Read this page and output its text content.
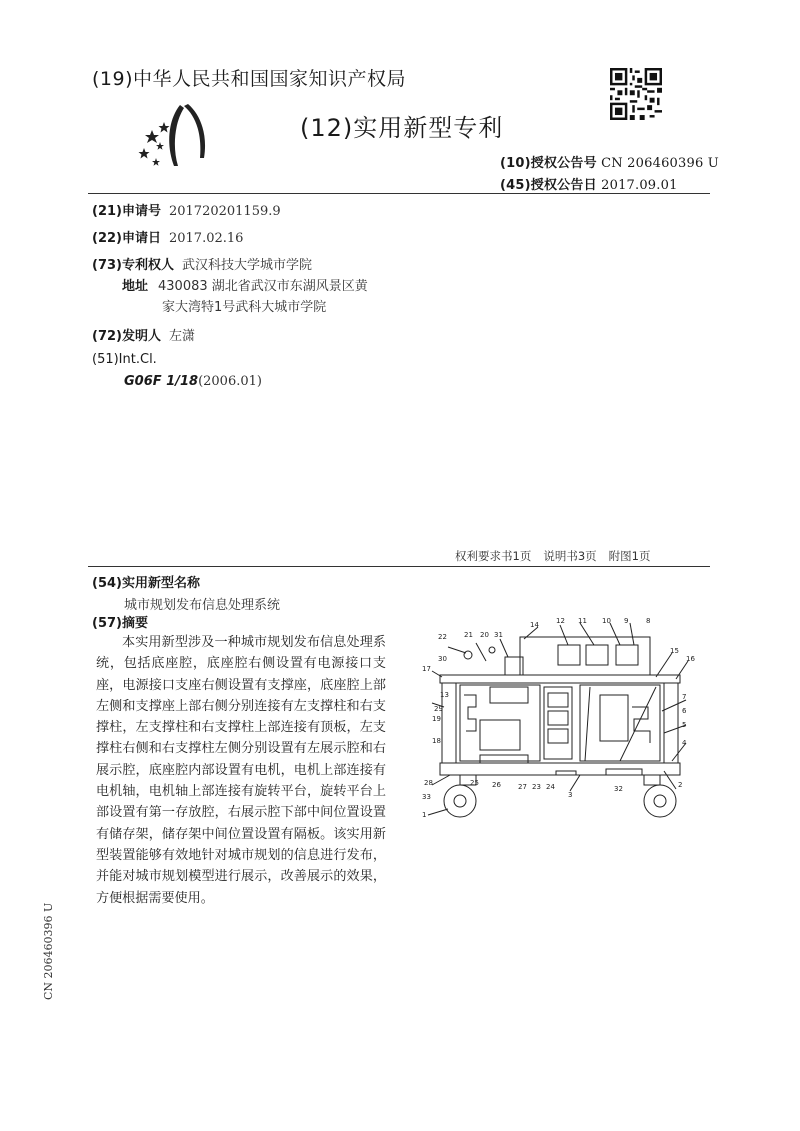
(19)中华人民共和国国家知识产权局
(12)实用新型专利
(10)授权公告号 CN 206460396 U
(45)授权公告日 2017.09.01
(21)申请号 201720201159.9
(22)申请日 2017.02.16
(73)专利权人 武汉科技大学城市学院
地址 430083 湖北省武汉市东湖风景区黄
家大湾特1号武科大城市学院
(72)发明人 左潇
(51)Int.Cl.
G06F 1/18(2006.01)
权利要求书1页 说明书3页 附图1页
(54)实用新型名称
城市规划发布信息处理系统
(57)摘要
本实用新型涉及一种城市规划发布信息处理系统，包括底座腔，底座腔右侧设置有电源接口支座，电源接口支座右侧设置有支撑座，底座腔上部左侧和支撑座上部右侧分别连接有左支撑柱和右支撑柱，左支撑柱和右支撑柱上部连接有顶板，左支撑柱右侧和右支撑柱左侧分别设置有左展示腔和右展示腔，底座腔内部设置有电机，电机上部连接有电机轴，电机轴上部连接有旋转平台，旋转平台上部设置有第一存放腔，右展示腔下部中间位置设置有储存架，储存架中间位置设置有隔板。该实用新型装置能够有效地针对城市规划的信息进行发布，并能对城市规划模型进行展示，改善展示的效果，方便根据需要使用。
22 21 20 31
14 12 11 10 9	8
30
17
15
16
13	7
29	6
19
5
18	4
28	25 26 27 23 24
3
32	2
33
1
CN 206460396 U
